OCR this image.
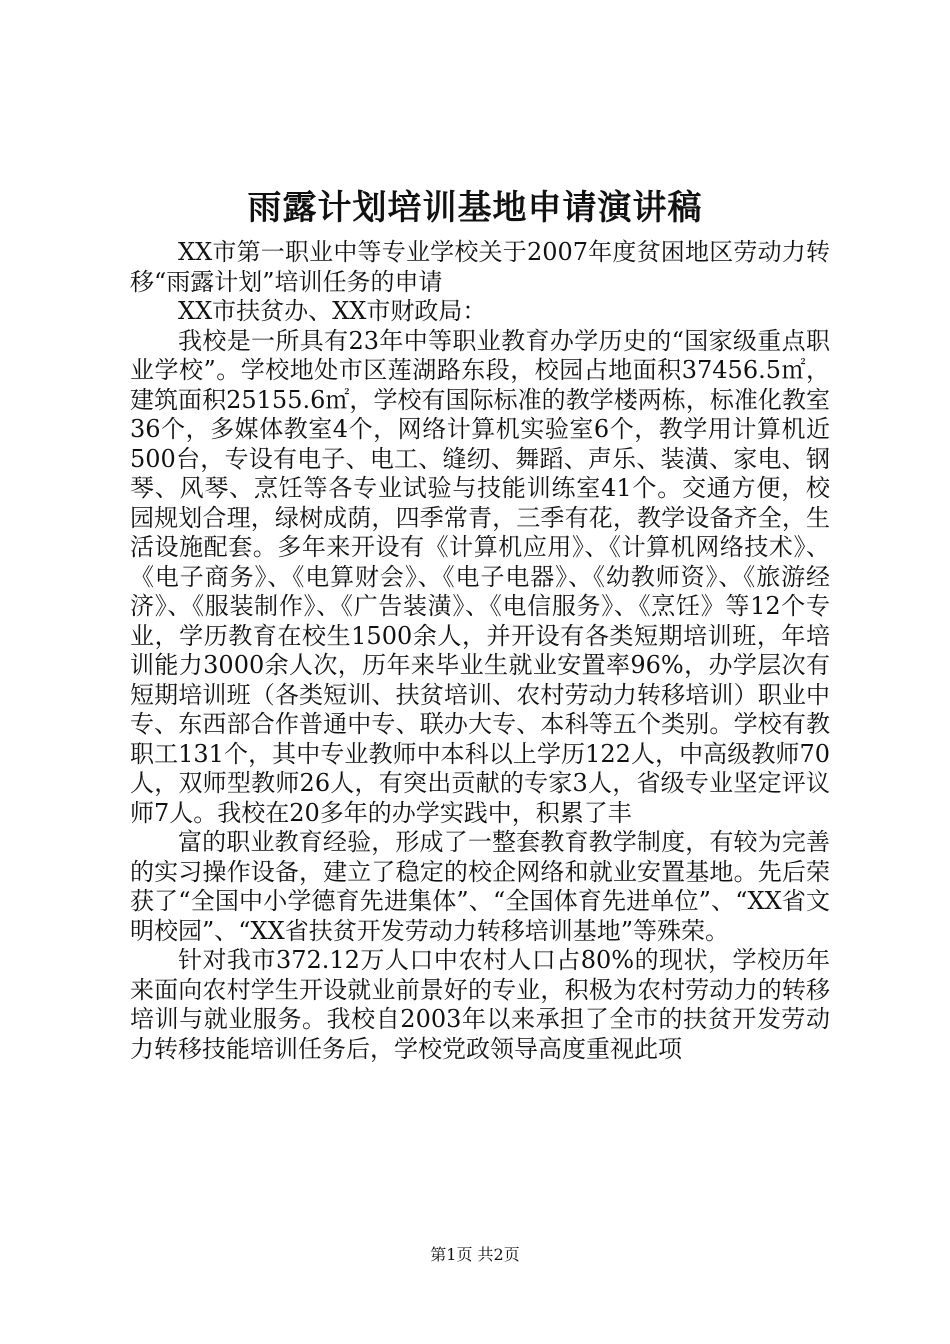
雨露计划培训基地申请演讲稿

XX市第一职业中等专业学校关于2007年度贫困地区劳动力转移“雨露计划”培训任务的申请

XX市扶贫办、XX市财政局：

我校是一所具有23年中等职业教育办学历史的“国家级重点职业学校”。学校地处市区莲湖路东段，校园占地面积37456.5㎡，建筑面积25155.6㎡，学校有国际标准的教学楼两栋，标准化教室36个，多媒体教室4个，网络计算机实验室6个，教学用计算机近500台，专设有电子、电工、缝纫、舞蹈、声乐、装潢、家电、钢琴、风琴、烹饪等各专业试验与技能训练室41个。交通方便，校园规划合理，绿树成荫，四季常青，三季有花，教学设备齐全，生活设施配套。多年来开设有《计算机应用》、《计算机网络技术》、《电子商务》、《电算财会》、《电子电器》、《幼教师资》、《旅游经济》、《服装制作》、《广告装潢》、《电信服务》、《烹饪》等12个专业，学历教育在校生1500余人，并开设有各类短期培训班，年培训能力3000余人次，历年来毕业生就业安置率96%，办学层次有短期培训班（各类短训、扶贫培训、农村劳动力转移培训）职业中专、东西部合作普通中专、联办大专、本科等五个类别。学校有教职工131个，其中专业教师中本科以上学历122人，中高级教师70人，双师型教师26人，有突出贡献的专家3人，省级专业坚定评议师7人。我校在20多年的办学实践中，积累了丰

富的职业教育经验，形成了一整套教育教学制度，有较为完善的实习操作设备，建立了稳定的校企网络和就业安置基地。先后荣获了“全国中小学德育先进集体”、“全国体育先进单位”、“XX省文明校园”、“XX省扶贫开发劳动力转移培训基地”等殊荣。

针对我市372.12万人口中农村人口占80%的现状，学校历年来面向农村学生开设就业前景好的专业，积极为农村劳动力的转移培训与就业服务。我校自2003年以来承担了全市的扶贫开发劳动力转移技能培训任务后，学校党政领导高度重视此项

第1页 共2页
